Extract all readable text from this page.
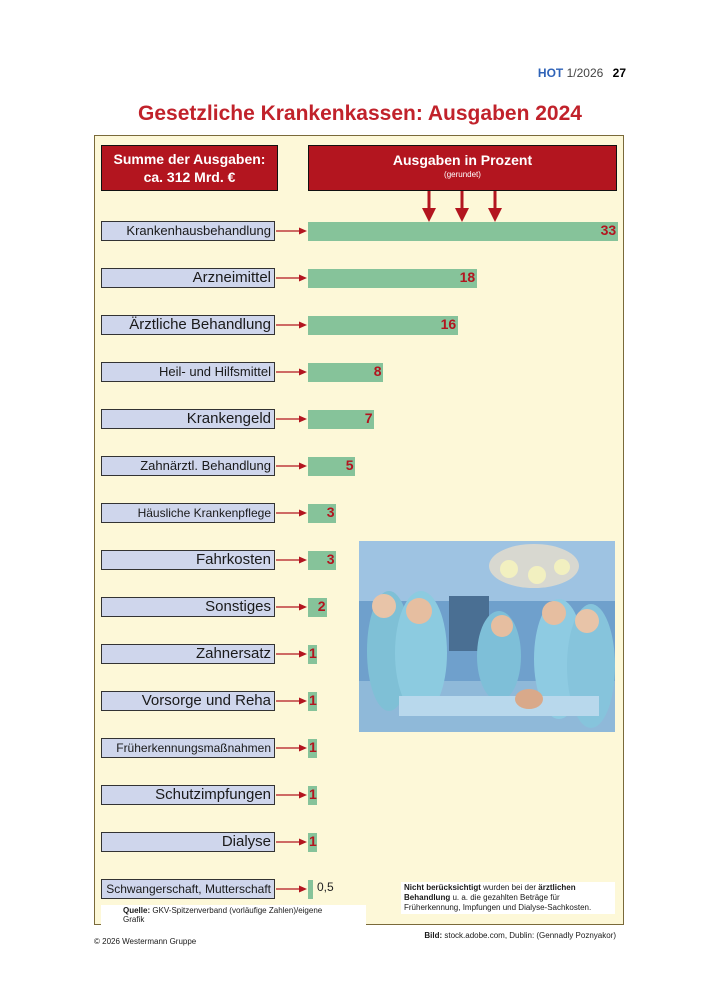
HOT 1/2026 27
Gesetzliche Krankenkassen: Ausgaben 2024
Summe der Ausgaben:
ca. 312 Mrd. €
Ausgaben in Prozent
(gerundet)
Krankenhausbehandlung	33
Arzneimittel	18
Ärztliche Behandlung	16
Heil- und Hilfsmittel	8
Krankengeld	7
Zahnärztl. Behandlung	5
Häusliche Krankenpflege	3
Fahrkosten	3
Sonstiges	2
Zahnersatz	1
Vorsorge und Reha	1
Früherkennungsmaßnahmen	1
Schutzimpfungen	1
Dialyse	1
Schwangerschaft, Mutterschaft	0,5	Nicht berücksichtigt wurden bei der ärztlichen Behandlung u. a. die gezahlten Beträge für Früherkennung, Impfungen und Dialyse-Sachkosten.
Quelle: GKV-Spitzenverband (vorläufige Zahlen)/eigene Grafik
Bild: stock.adobe.com, Dublin: (Gennadly Poznyakor)
© 2026 Westermann Gruppe
